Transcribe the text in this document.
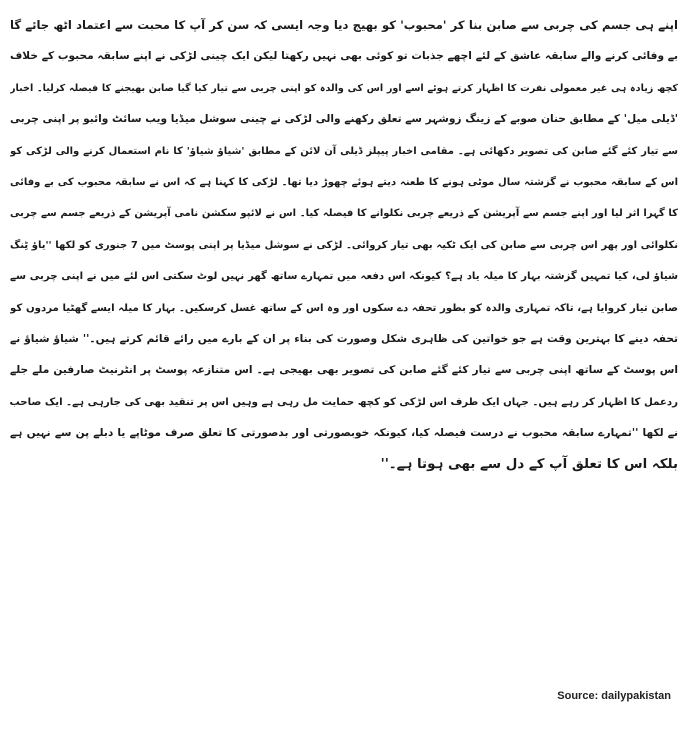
اپنے ہی جسم کی چربی سے صابن بنا کر 'محبوب' کو بھیج دیا وجہ ایسی کہ سن کر آپ کا محبت سے اعتماد اٹھ جائے گا
بے وفائی کرنے والے سابقہ عاشق کے لئے اچھے جذبات تو کوئی بھی نہیں رکھتا لیکن ایک چینی لڑکی نے اپنے سابقہ محبوب کے خلاف
کچھ زیادہ ہی غیر معمولی نفرت کا اظہار کرتے ہوئے اسے اور اس کی والدہ کو اپنی چربی سے تیار کیا گیا صابن بھیجنے کا فیصلہ کرلیا۔ اخبار
'ڈیلی میل' کے مطابق حنان صوبے کے زینگ زوشہر سے تعلق رکھنے والی لڑکی نے چینی سوشل میڈیا ویب سائٹ وائبو پر اپنی چربی
سے تیار کئے گئے صابن کی تصویر دکھائی ہے۔ مقامی اخبار پیپلز ڈیلی آن لائن کے مطابق 'شیاؤ شیاؤ' کا نام استعمال کرنے والی لڑکی کو
اس کے سابقہ محبوب نے گزشتہ سال موٹی ہونے کا طعنہ دیتے ہوئے چھوڑ دیا تھا۔ لڑکی کا کہنا ہے کہ اس نے سابقہ محبوب کی بے وفائی
کا گہرا اثر لیا اور اپنے جسم سے آپریشن کے ذریعے چربی نکلوانے کا فیصلہ کیا۔ اس نے لائپو سکشن نامی آپریشن کے ذریعے جسم سے چربی
نکلوائی اور پھر اس چربی سے صابن کی ایک ٹکیہ بھی تیار کروائی۔ لڑکی نے سوشل میڈیا پر اپنی پوسٹ میں 7 جنوری کو لکھا ''یاؤ ٹِنگ
شیاؤ لی، کیا تمہیں گزشتہ بہار کا میلہ یاد ہے؟ کیونکہ اس دفعہ میں تمہارے ساتھ گھر نہیں لوٹ سکتی اس لئے میں نے اپنی چربی سے
صابن تیار کروایا ہے، تاکہ تمہاری والدہ کو بطور تحفہ دے سکوں اور وہ اس کے ساتھ غسل کرسکیں۔ بہار کا میلہ ایسے گھٹیا مردوں کو
تحفہ دینے کا بہترین وقت ہے جو خواتین کی ظاہری شکل وصورت کی بناء پر ان کے بارے میں رائے قائم کرتے ہیں۔'' شیاؤ شیاؤ نے
اس پوسٹ کے ساتھ اپنی چربی سے تیار کئے گئے صابن کی تصویر بھی بھیجی ہے۔ اس متنازعہ پوسٹ پر انٹرنیٹ صارفین ملے جلے
ردعمل کا اظہار کر رہے ہیں۔ جہاں ایک طرف اس لڑکی کو کچھ حمایت مل رہی ہے وہیں اس پر تنقید بھی کی جارہی ہے۔ ایک صاحب
نے لکھا ''تمہارے سابقہ محبوب نے درست فیصلہ کیا، کیونکہ خوبصورتی اور بدصورتی کا تعلق صرف موٹاپے یا دبلے پن سے نہیں ہے
بلکہ اس کا تعلق آپ کے دل سے بھی ہوتا ہے۔''
Source: dailypakistan
